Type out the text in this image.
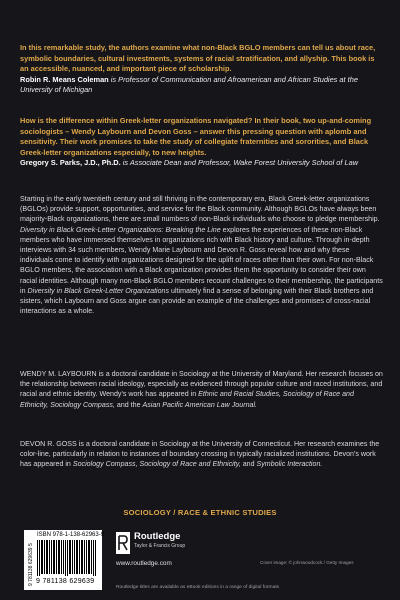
In this remarkable study, the authors examine what non-Black BGLO members can tell us about race, symbolic boundaries, cultural investments, systems of racial stratification, and allyship. This book is an accessible, nuanced, and important piece of scholarship.

Robin R. Means Coleman is Professor of Communication and Afroamerican and African Studies at the University of Michigan

How is the difference within Greek-letter organizations navigated? In their book, two up-and-coming sociologists – Wendy Laybourn and Devon Goss – answer this pressing question with aplomb and sensitivity. Their work promises to take the study of collegiate fraternities and sororities, and Black Greek-letter organizations especially, to new heights.

Gregory S. Parks, J.D., Ph.D. is Associate Dean and Professor, Wake Forest University School of Law

Starting in the early twentieth century and still thriving in the contemporary era, Black Greek-letter organizations (BGLOs) provide support, opportunities, and service for the Black community. Although BGLOs have always been majority-Black organizations, there are small numbers of non-Black individuals who choose to pledge membership. Diversity in Black Greek-Letter Organizations: Breaking the Line explores the experiences of these non-Black members who have immersed themselves in organizations rich with Black history and culture. Through in-depth interviews with 34 such members, Wendy Marie Laybourn and Devon R. Goss reveal how and why these individuals come to identify with organizations designed for the uplift of races other than their own. For non-Black BGLO members, the association with a Black organization provides them the opportunity to consider their own racial identities. Although many non-Black BGLO members recount challenges to their membership, the participants in Diversity in Black Greek-Letter Organizations ultimately find a sense of belonging with their Black brothers and sisters, which Laybourn and Goss argue can provide an example of the challenges and promises of cross-racial interactions as a whole.

WENDY M. LAYBOURN is a doctoral candidate in Sociology at the University of Maryland. Her research focuses on the relationship between racial ideology, especially as evidenced through popular culture and raced institutions, and racial and ethnic identity. Wendy's work has appeared in Ethnic and Racial Studies, Sociology of Race and Ethnicity, Sociology Compass, and the Asian Pacific American Law Journal.

DEVON R. GOSS is a doctoral candidate in Sociology at the University of Connecticut. Her research examines the color-line, particularly in relation to instances of boundary crossing in typically racialized institutions. Devon's work has appeared in Sociology Compass, Sociology of Race and Ethnicity, and Symbolic Interaction.

SOCIOLOGY / RACE & ETHNIC STUDIES
9 781138 629639 5
ISBN 978-1-138-62963-9
9 781138 629639
Routledge
Taylor & Francis Group
www.routledge.com	Cover image: © johnwoodcock / Getty Images
Routledge titles are available as eBook editions in a range of digital formats
